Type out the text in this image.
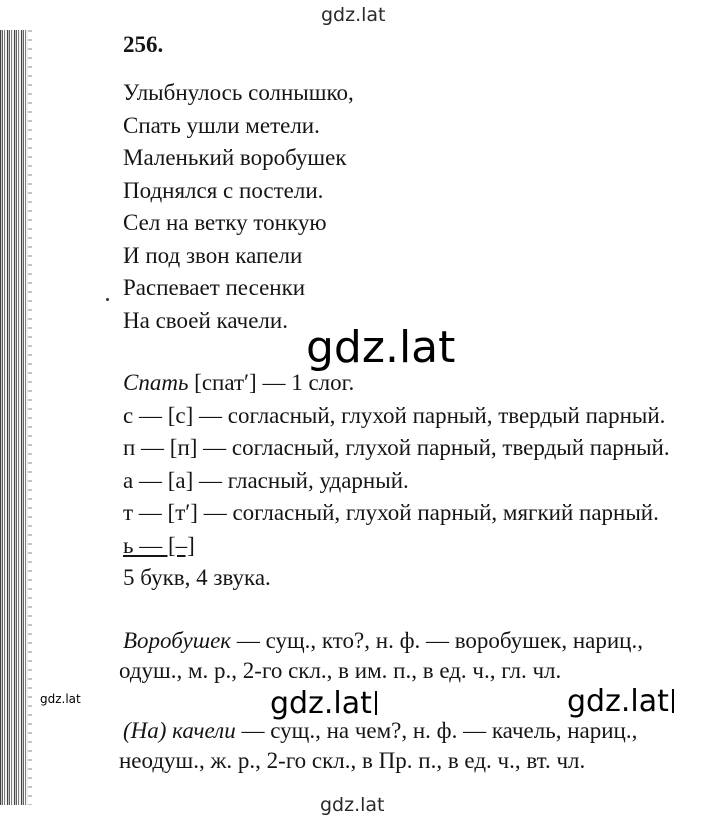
gdz.lat
256.
Улыбнулось солнышко,
Спать ушли метели.
Маленький воробушек
Поднялся с постели.
Сел на ветку тонкую
И под звон капели
Распевает песенки
На своей качели.
gdz.lat
Спать [спат′] — 1 слог.
с — [с] — согласный, глухой парный, твердый парный.
п — [п] — согласный, глухой парный, твердый парный.
а — [а] — гласный, ударный.
т — [т′] — согласный, глухой парный, мягкий парный.
ь — [–]
5 букв, 4 звука.
Воробушек — сущ., кто?, н. ф. — воробушек, нариц.,
одуш., м. р., 2-го скл., в им. п., в ед. ч., гл. чл.
(На) качели — сущ., на чем?, н. ф. — качель, нариц.,
неодуш., ж. р., 2-го скл., в Пр. п., в ед. ч., вт. чл.
gdz.lat	gdz.lat	gdz.lat
gdz.lat
